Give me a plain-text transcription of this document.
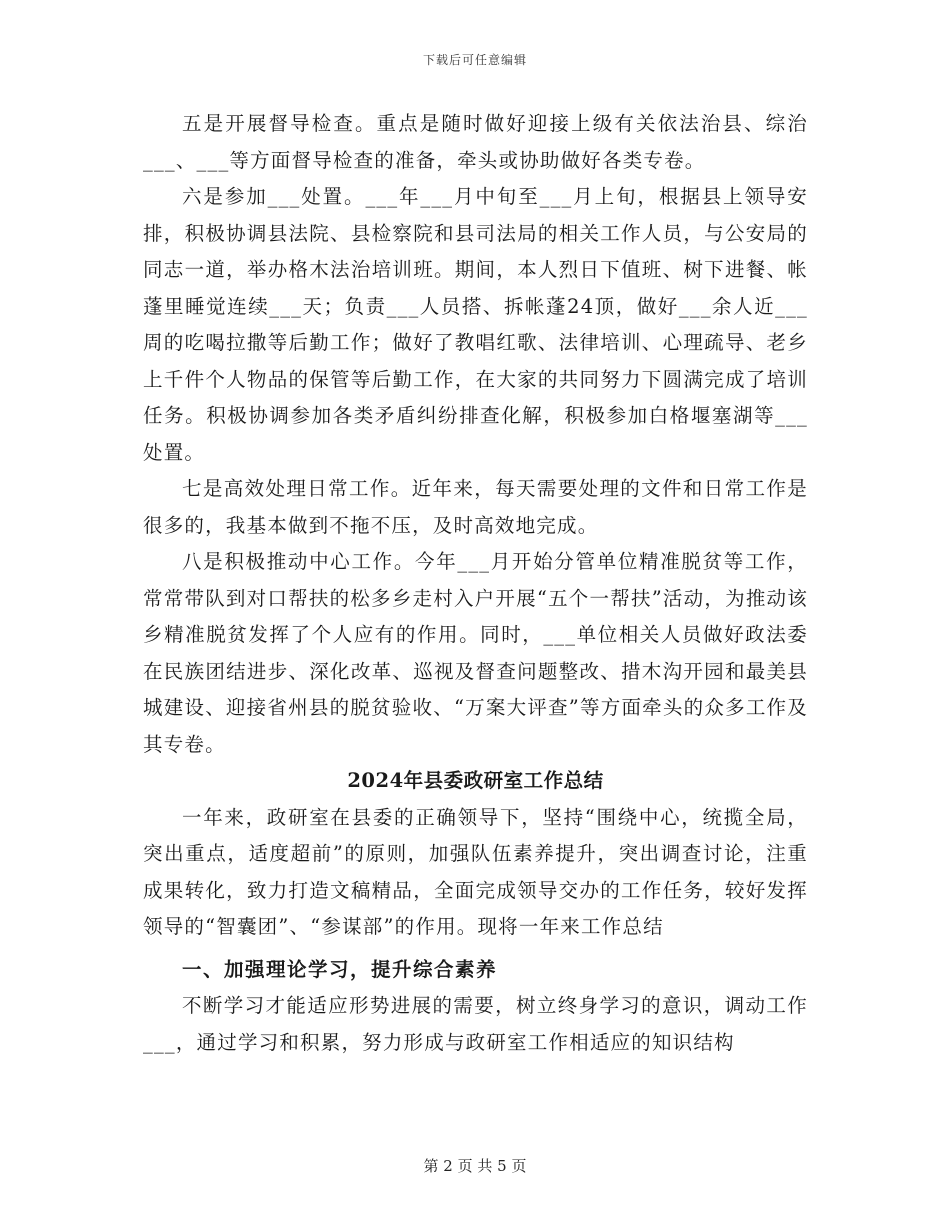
下载后可任意编辑

五是开展督导检查。重点是随时做好迎接上级有关依法治县、综治___、___等方面督导检查的准备，牵头或协助做好各类专卷。

六是参加___处置。___年___月中旬至___月上旬，根据县上领导安排，积极协调县法院、县检察院和县司法局的相关工作人员，与公安局的同志一道，举办格木法治培训班。期间，本人烈日下值班、树下进餐、帐蓬里睡觉连续___天；负责___人员搭、拆帐蓬24顶，做好___余人近___周的吃喝拉撒等后勤工作；做好了教唱红歌、法律培训、心理疏导、老乡上千件个人物品的保管等后勤工作，在大家的共同努力下圆满完成了培训任务。积极协调参加各类矛盾纠纷排查化解，积极参加白格堰塞湖等___处置。

七是高效处理日常工作。近年来，每天需要处理的文件和日常工作是很多的，我基本做到不拖不压，及时高效地完成。

八是积极推动中心工作。今年___月开始分管单位精准脱贫等工作，常常带队到对口帮扶的松多乡走村入户开展“五个一帮扶”活动，为推动该乡精准脱贫发挥了个人应有的作用。同时，___单位相关人员做好政法委在民族团结进步、深化改革、巡视及督查问题整改、措木沟开园和最美县城建设、迎接省州县的脱贫验收、“万案大评查”等方面牵头的众多工作及其专卷。

2024年县委政研室工作总结

一年来，政研室在县委的正确领导下，坚持“围绕中心，统揽全局，突出重点，适度超前”的原则，加强队伍素养提升，突出调查讨论，注重成果转化，致力打造文稿精品，全面完成领导交办的工作任务，较好发挥领导的“智囊团”、“参谋部”的作用。现将一年来工作总结

一、加强理论学习，提升综合素养

不断学习才能适应形势进展的需要，树立终身学习的意识，调动工作___，通过学习和积累，努力形成与政研室工作相适应的知识结构

第 2 页 共 5 页
